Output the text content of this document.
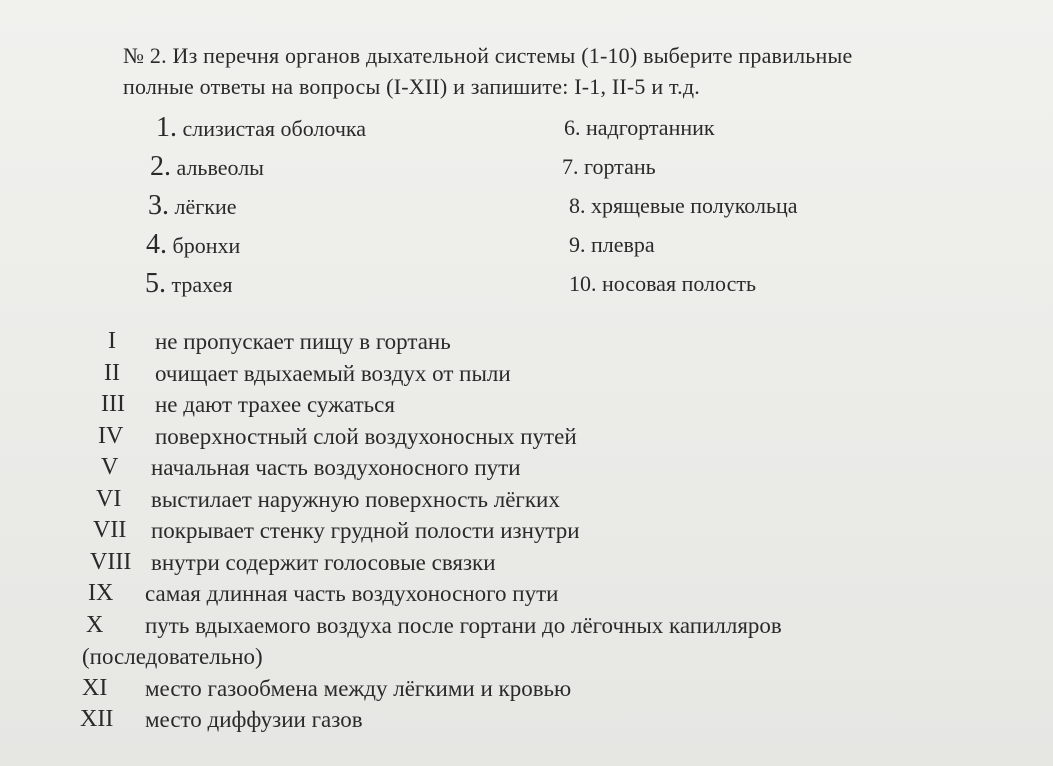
№ 2. Из перечня органов дыхательной системы (1-10) выберите правильные
полные ответы на вопросы (I-XII) и запишите: I-1, II-5 и т.д.
1. слизистая оболочка
2. альвеолы
3. лёгкие
4. бронхи
5. трахея
6. надгортанник
7. гортань
8. хрящевые полукольца
9. плевра
10. носовая полость
I не пропускает пищу в гортань
II очищает вдыхаемый воздух от пыли
III не дают трахее сужаться
IV поверхностный слой воздухоносных путей
V начальная часть воздухоносного пути
VI выстилает наружную поверхность лёгких
VII покрывает стенку грудной полости изнутри
VIII внутри содержит голосовые связки
IX самая длинная часть воздухоносного пути
X путь вдыхаемого воздуха после гортани до лёгочных капилляров
(последовательно)
XI место газообмена между лёгкими и кровью
XII место диффузии газов
